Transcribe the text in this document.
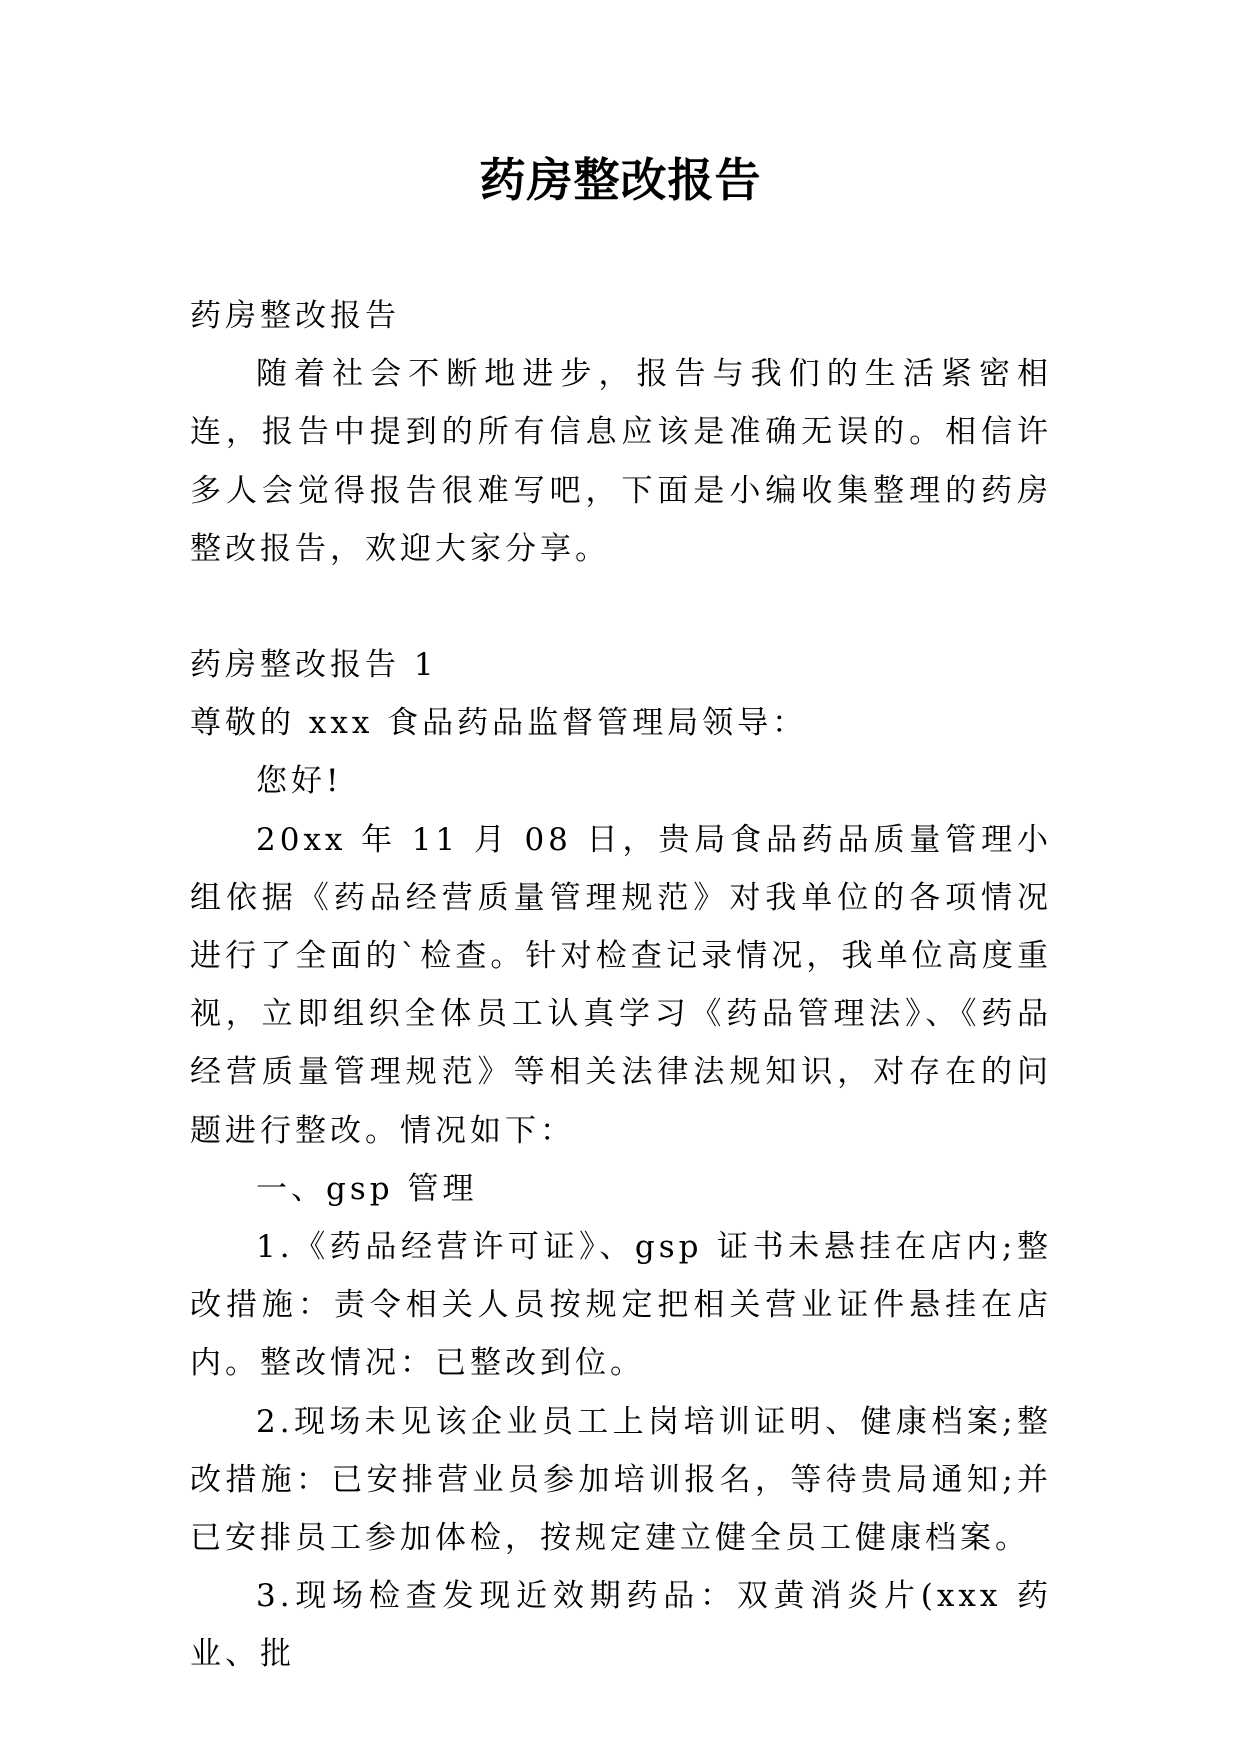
药房整改报告

药房整改报告

随着社会不断地进步，报告与我们的生活紧密相连，报告中提到的所有信息应该是准确无误的。相信许多人会觉得报告很难写吧，下面是小编收集整理的药房整改报告，欢迎大家分享。

药房整改报告 1

尊敬的 xxx 食品药品监督管理局领导：

您好!

20xx 年 11 月 08 日，贵局食品药品质量管理小组依据《药品经营质量管理规范》对我单位的各项情况进行了全面的`检查。针对检查记录情况，我单位高度重视，立即组织全体员工认真学习《药品管理法》、《药品经营质量管理规范》等相关法律法规知识，对存在的问题进行整改。情况如下：

一、gsp 管理

1.《药品经营许可证》、gsp 证书未悬挂在店内;整改措施：责令相关人员按规定把相关营业证件悬挂在店内。整改情况：已整改到位。

2.现场未见该企业员工上岗培训证明、健康档案;整改措施：已安排营业员参加培训报名，等待贵局通知;并已安排员工参加体检，按规定建立健全员工健康档案。

3.现场检查发现近效期药品：双黄消炎片(xxx 药业、批
